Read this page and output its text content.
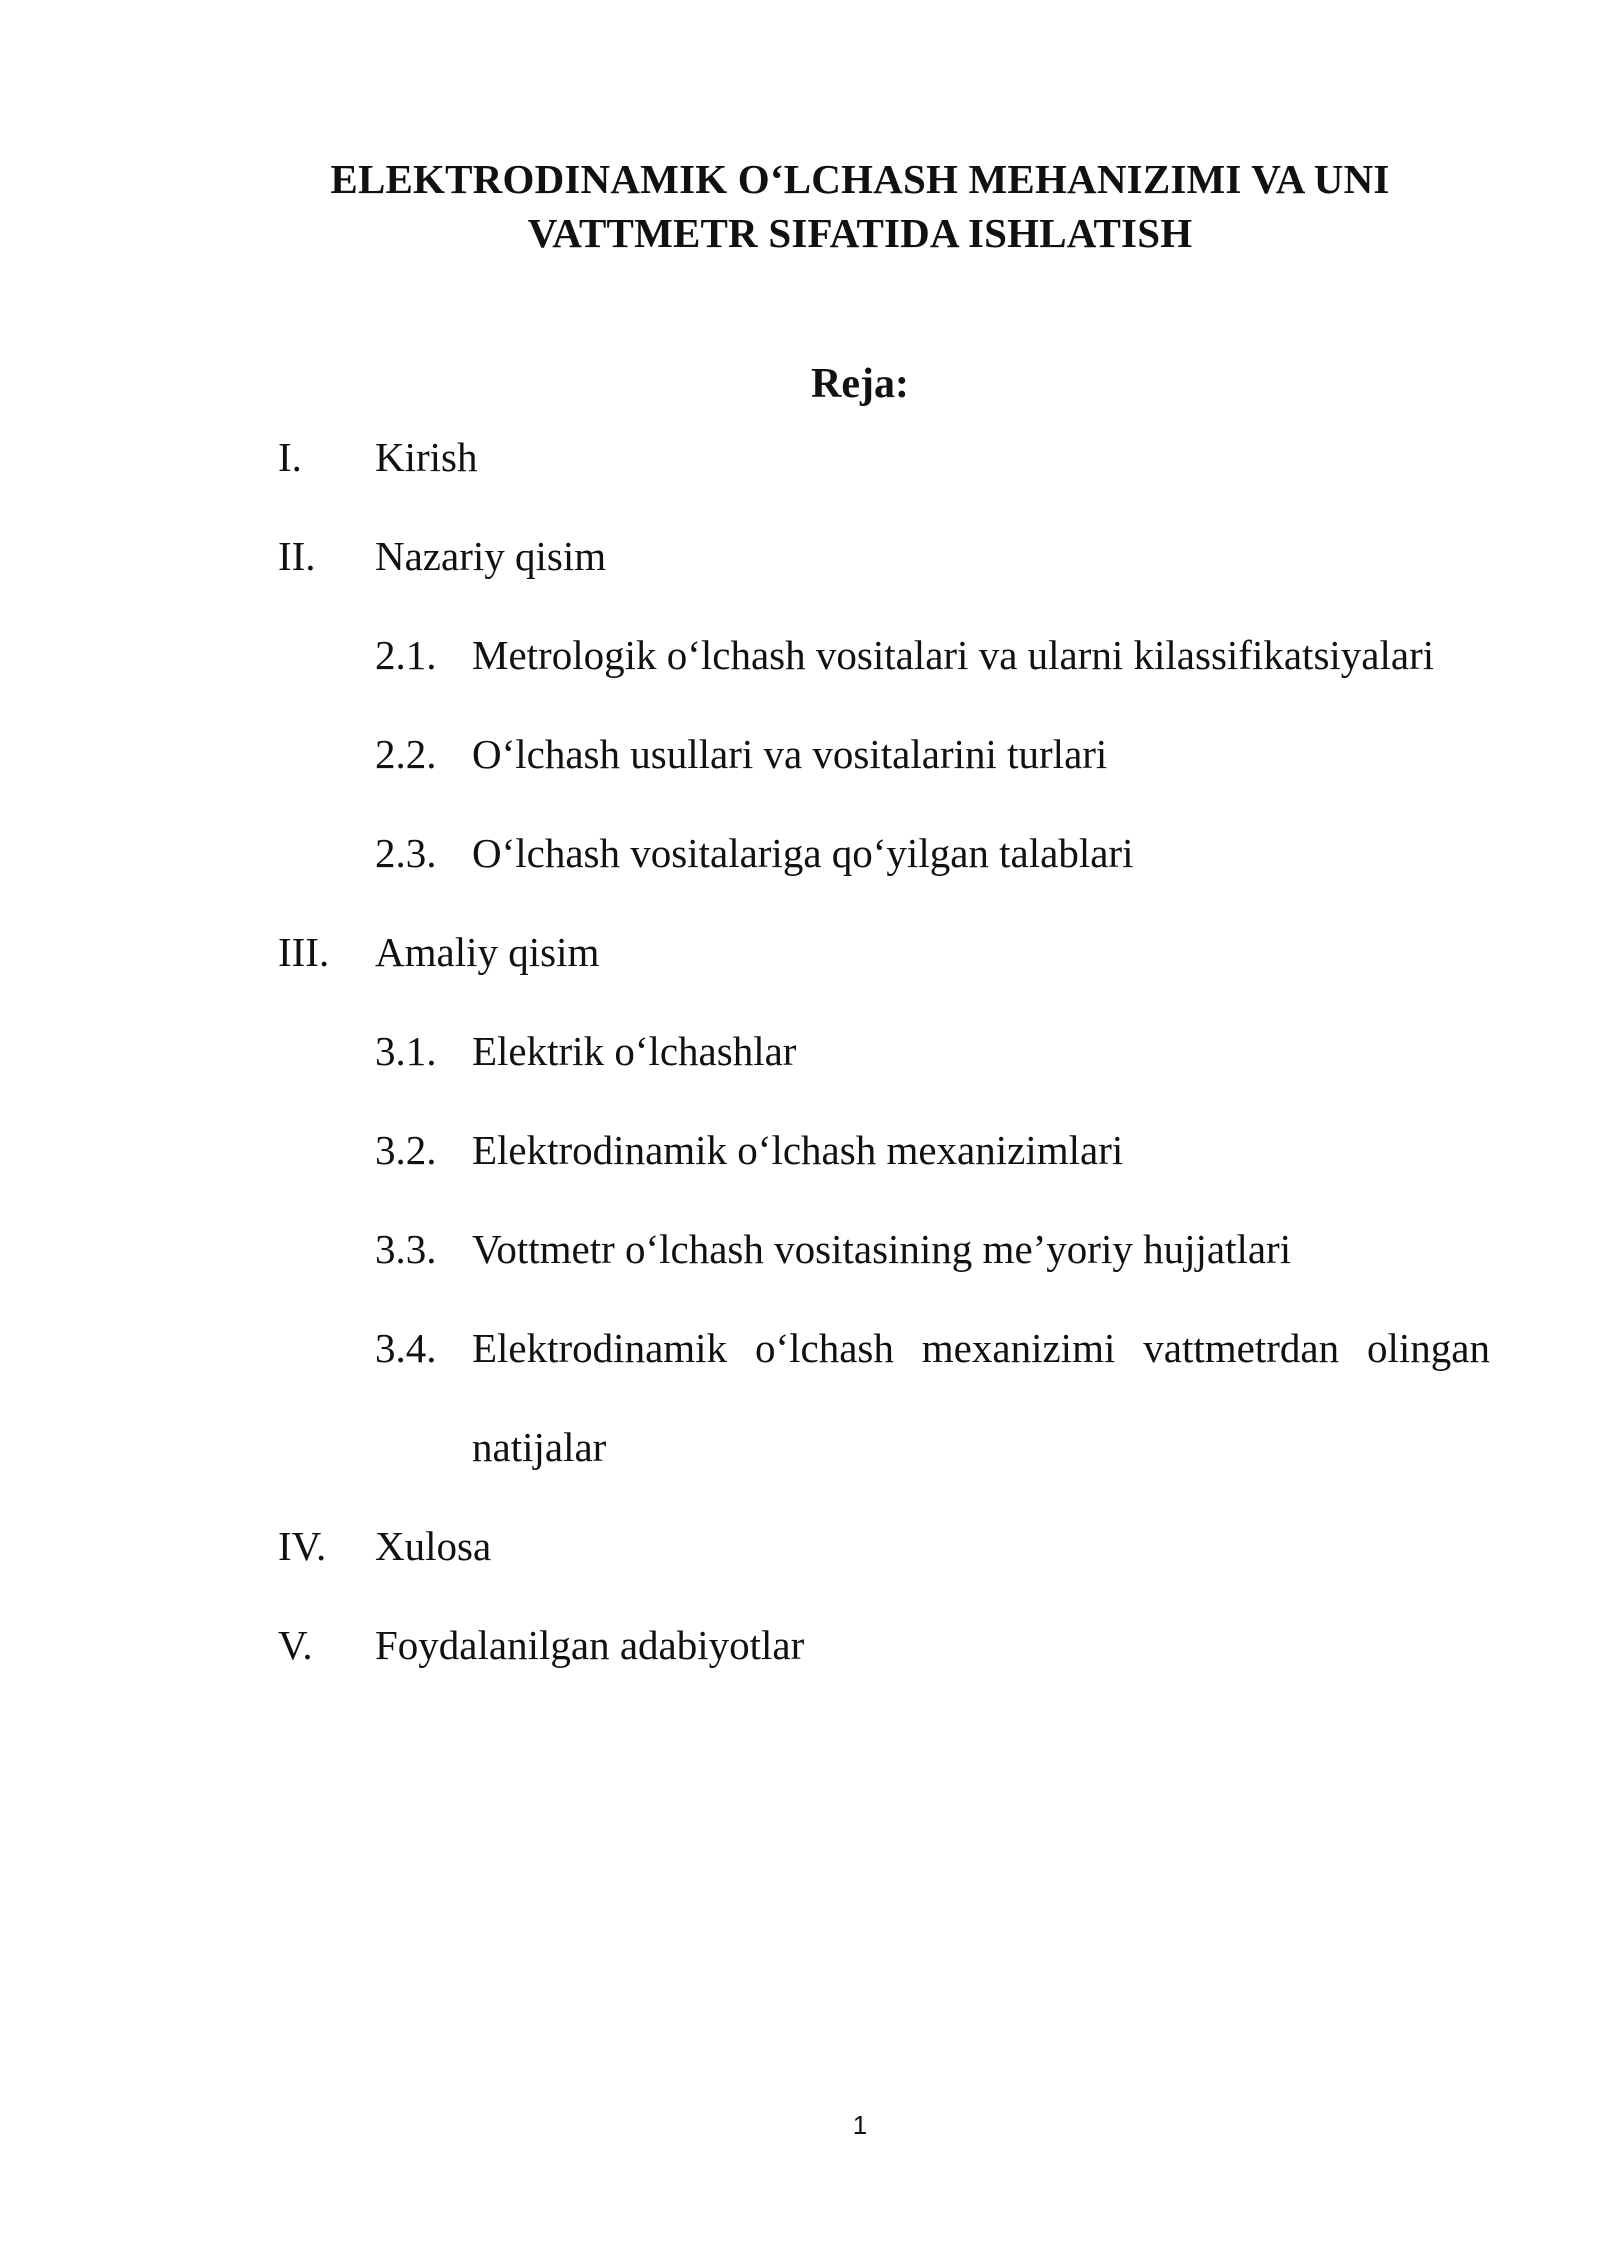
ELEKTRODINAMIK O‘LCHASH MEHANIZIMI VA UNI
VATTMETR SIFATIDA ISHLATISH
Reja:
I. Kirish
II. Nazariy qisim
2.1. Metrologik o‘lchash vositalari va ularni kilassifikatsiyalari
2.2. O‘lchash usullari va vositalarini turlari
2.3. O‘lchash vositalariga qo‘yilgan talablari
III. Amaliy qisim
3.1. Elektrik o‘lchashlar
3.2. Elektrodinamik o‘lchash mexanizimlari
3.3. Vottmetr o‘lchash vositasining me’yoriy hujjatlari
3.4. Elektrodinamik o‘lchash mexanizimi vattmetrdan olingan
natijalar
IV. Xulosa
V. Foydalanilgan adabiyotlar
1
